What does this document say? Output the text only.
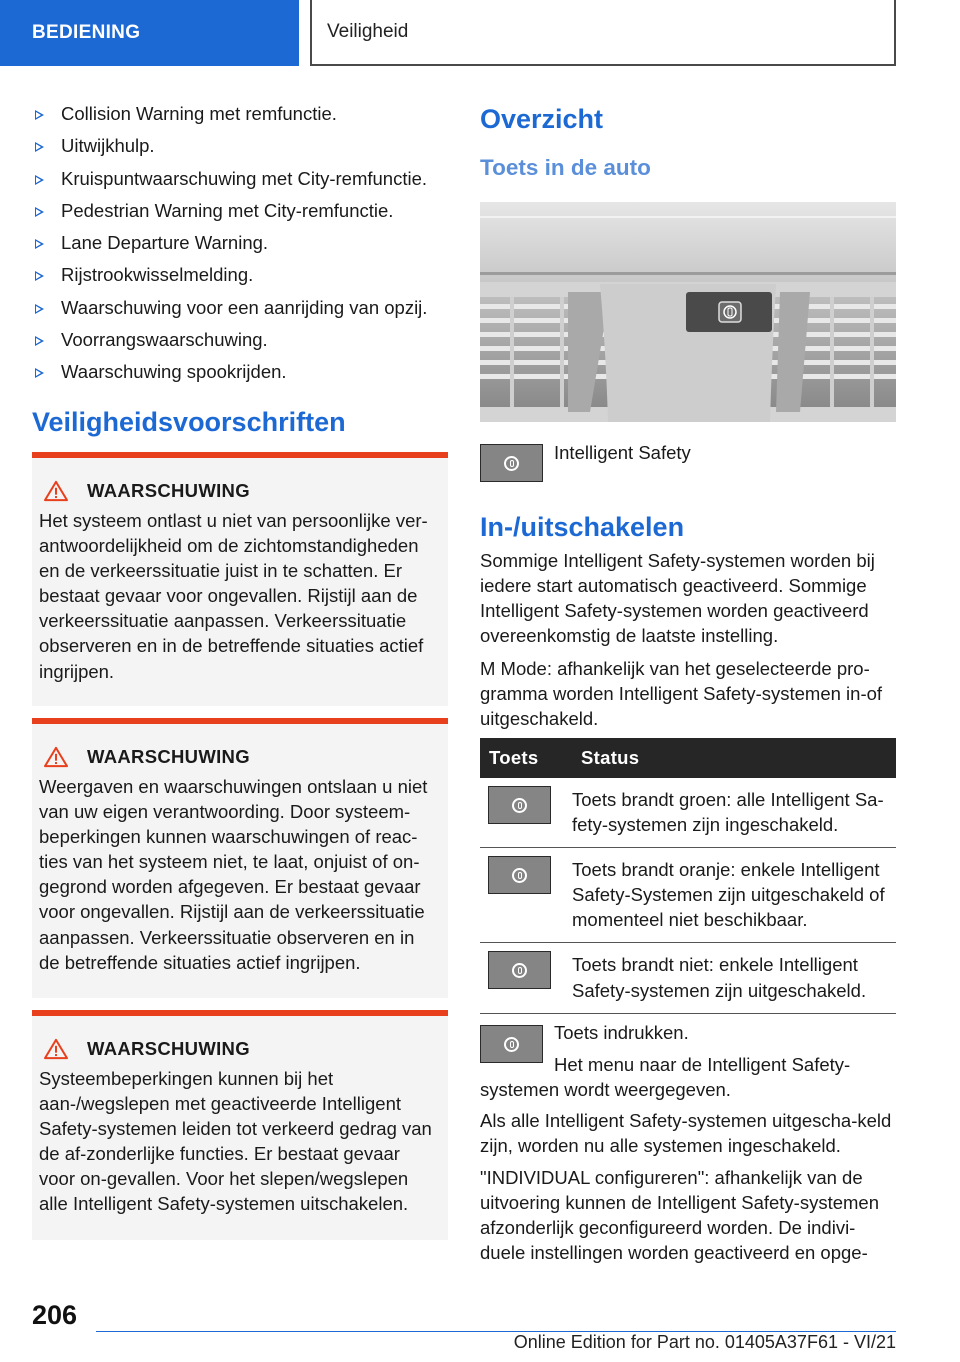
BEDIENING	Veiligheid
Collision Warning met remfunctie.
Uitwijkhulp.
Kruispuntwaarschuwing met City-remfunctie.
Pedestrian Warning met City-remfunctie.
Lane Departure Warning.
Rijstrookwisselmelding.
Waarschuwing voor een aanrijding van opzij.
Voorrangswaarschuwing.
Waarschuwing spookrijden.
Veiligheidsvoorschriften
WAARSCHUWING
Het systeem ontlast u niet van persoonlijke ver-antwoordelijkheid om de zichtomstandigheden en de verkeerssituatie juist in te schatten. Er bestaat gevaar voor ongevallen. Rijstijl aan de verkeerssituatie aanpassen. Verkeerssituatie observeren en in de betreffende situaties actief ingrijpen.
WAARSCHUWING
Weergaven en waarschuwingen ontslaan u niet van uw eigen verantwoording. Door systeem-beperkingen kunnen waarschuwingen of reac-ties van het systeem niet, te laat, onjuist of on-gegrond worden afgegeven. Er bestaat gevaar voor ongevallen. Rijstijl aan de verkeerssituatie aanpassen. Verkeerssituatie observeren en in de betreffende situaties actief ingrijpen.
WAARSCHUWING
Systeembeperkingen kunnen bij het aan-/wegslepen met geactiveerde Intelligent Safety-systemen leiden tot verkeerd gedrag van de af-zonderlijke functies. Er bestaat gevaar voor on-gevallen. Voor het slepen/wegslepen alle Intelligent Safety-systemen uitschakelen.
Overzicht
Toets in de auto
Intelligent Safety
In-/uitschakelen

Sommige Intelligent Safety-systemen worden bij iedere start automatisch geactiveerd. Sommige Intelligent Safety-systemen worden geactiveerd overeenkomstig de laatste instelling.

M Mode: afhankelijk van het geselecteerde pro-gramma worden Intelligent Safety-systemen in-of uitgeschakeld.

Toets	Status

	Toets brandt groen: alle Intelligent Sa-fety-systemen zijn ingeschakeld.

	Toets brandt oranje: enkele Intelligent Safety-Systemen zijn uitgeschakeld of momenteel niet beschikbaar.

	Toets brandt niet: enkele Intelligent Safety-systemen zijn uitgeschakeld.
Toets indrukken.

Het menu naar de Intelligent Safety-systemen wordt weergegeven.

Als alle Intelligent Safety-systemen uitgescha-keld zijn, worden nu alle systemen ingeschakeld.

"INDIVIDUAL configureren": afhankelijk van de uitvoering kunnen de Intelligent Safety-systemen afzonderlijk geconfigureerd worden. De indivi-duele instellingen worden geactiveerd en opge-

206
Online Edition for Part no. 01405A37F61 - VI/21
